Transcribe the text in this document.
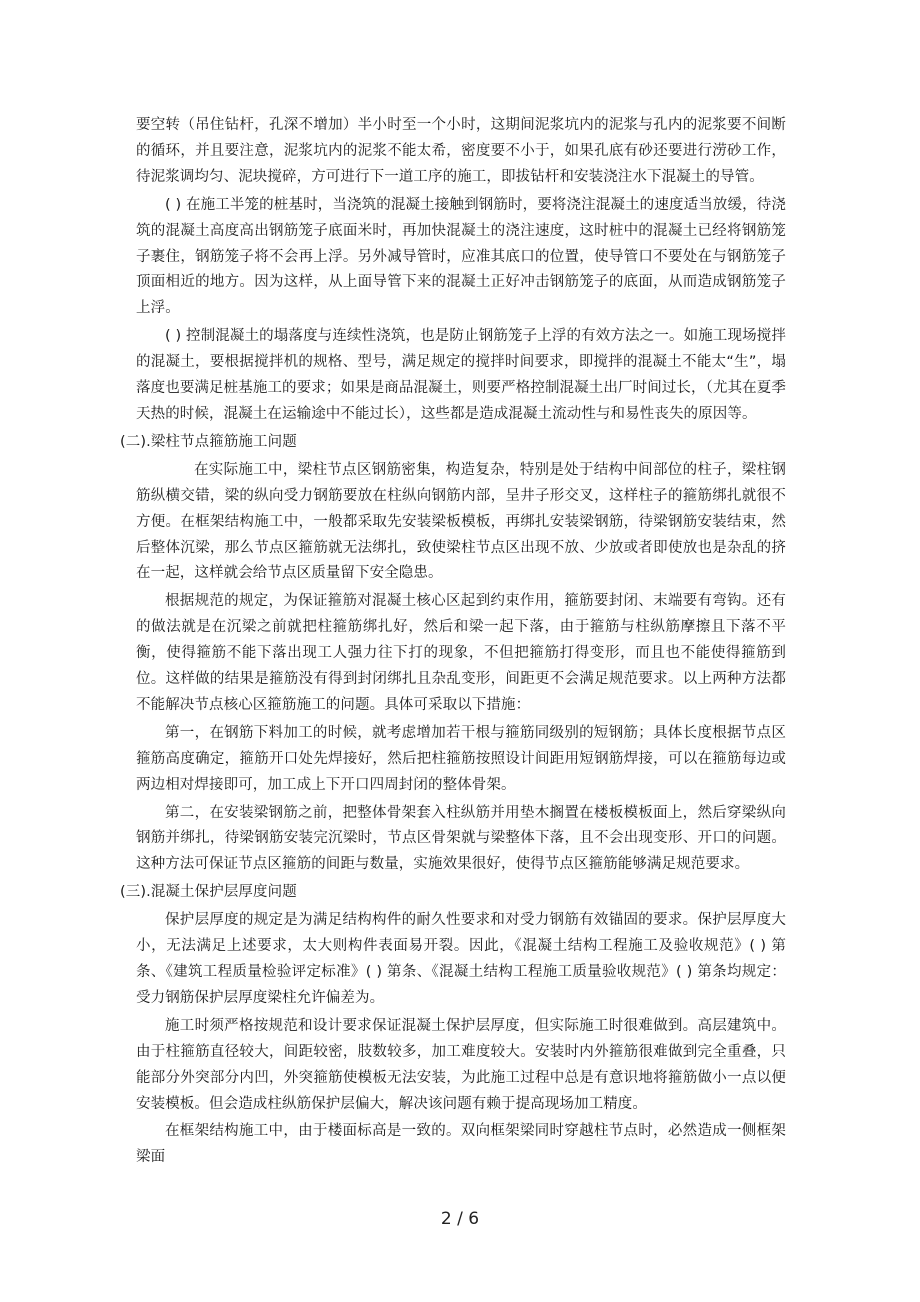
要空转（吊住钻杆，孔深不增加）半小时至一个小时，这期间泥浆坑内的泥浆与孔内的泥浆要不间断的循环，并且要注意，泥浆坑内的泥浆不能太希，密度要不小于，如果孔底有砂还要进行涝砂工作，待泥浆调均匀、泥块搅碎，方可进行下一道工序的施工，即拔钻杆和安装浇注水下混凝土的导管。

( ) 在施工半笼的桩基时，当浇筑的混凝土接触到钢筋时，要将浇注混凝土的速度适当放缓，待浇筑的混凝土高度高出钢筋笼子底面米时，再加快混凝土的浇注速度，这时桩中的混凝土已经将钢筋笼子裹住，钢筋笼子将不会再上浮。另外减导管时，应准其底口的位置，使导管口不要处在与钢筋笼子顶面相近的地方。因为这样，从上面导管下来的混凝土正好冲击钢筋笼子的底面，从而造成钢筋笼子上浮。

( ) 控制混凝土的塌落度与连续性浇筑，也是防止钢筋笼子上浮的有效方法之一。如施工现场搅拌的混凝土，要根据搅拌机的规格、型号，满足规定的搅拌时间要求，即搅拌的混凝土不能太“生”，塌落度也要满足桩基施工的要求；如果是商品混凝土，则要严格控制混凝土出厂时间过长，（尤其在夏季天热的时候，混凝土在运输途中不能过长），这些都是造成混凝土流动性与和易性丧失的原因等。

(二).梁柱节点箍筋施工问题

在实际施工中，梁柱节点区钢筋密集，构造复杂，特别是处于结构中间部位的柱子，梁柱钢筋纵横交错，梁的纵向受力钢筋要放在柱纵向钢筋内部，呈井子形交叉，这样柱子的箍筋绑扎就很不方便。在框架结构施工中，一般都采取先安装梁板模板，再绑扎安装梁钢筋，待梁钢筋安装结束，然后整体沉梁，那么节点区箍筋就无法绑扎，致使梁柱节点区出现不放、少放或者即使放也是杂乱的挤在一起，这样就会给节点区质量留下安全隐患。

根据规范的规定，为保证箍筋对混凝土核心区起到约束作用，箍筋要封闭、末端要有弯钩。还有的做法就是在沉梁之前就把柱箍筋绑扎好，然后和梁一起下落，由于箍筋与柱纵筋摩擦且下落不平衡，使得箍筋不能下落出现工人强力往下打的现象，不但把箍筋打得变形，而且也不能使得箍筋到位。这样做的结果是箍筋没有得到封闭绑扎且杂乱变形，间距更不会满足规范要求。以上两种方法都不能解决节点核心区箍筋施工的问题。具体可采取以下措施：

第一，在钢筋下料加工的时候，就考虑增加若干根与箍筋同级别的短钢筋；具体长度根据节点区箍筋高度确定，箍筋开口处先焊接好，然后把柱箍筋按照设计间距用短钢筋焊接，可以在箍筋每边或两边相对焊接即可，加工成上下开口四周封闭的整体骨架。

第二，在安装梁钢筋之前，把整体骨架套入柱纵筋并用垫木搁置在楼板模板面上，然后穿梁纵向钢筋并绑扎，待梁钢筋安装完沉梁时，节点区骨架就与梁整体下落，且不会出现变形、开口的问题。这种方法可保证节点区箍筋的间距与数量，实施效果很好，使得节点区箍筋能够满足规范要求。

(三).混凝土保护层厚度问题

保护层厚度的规定是为满足结构构件的耐久性要求和对受力钢筋有效锚固的要求。保护层厚度大小，无法满足上述要求，太大则构件表面易开裂。因此，《混凝土结构工程施工及验收规范》( ) 第条、《建筑工程质量检验评定标准》( ) 第条、《混凝土结构工程施工质量验收规范》( ) 第条均规定：受力钢筋保护层厚度梁柱允许偏差为。

施工时须严格按规范和设计要求保证混凝土保护层厚度，但实际施工时很难做到。高层建筑中。由于柱箍筋直径较大，间距较密，肢数较多，加工难度较大。安装时内外箍筋很难做到完全重叠，只能部分外突部分内凹，外突箍筋使模板无法安装，为此施工过程中总是有意识地将箍筋做小一点以便安装模板。但会造成柱纵筋保护层偏大，解决该问题有赖于提高现场加工精度。

在框架结构施工中，由于楼面标高是一致的。双向框架梁同时穿越柱节点时，必然造成一侧框架梁面

2 / 6
